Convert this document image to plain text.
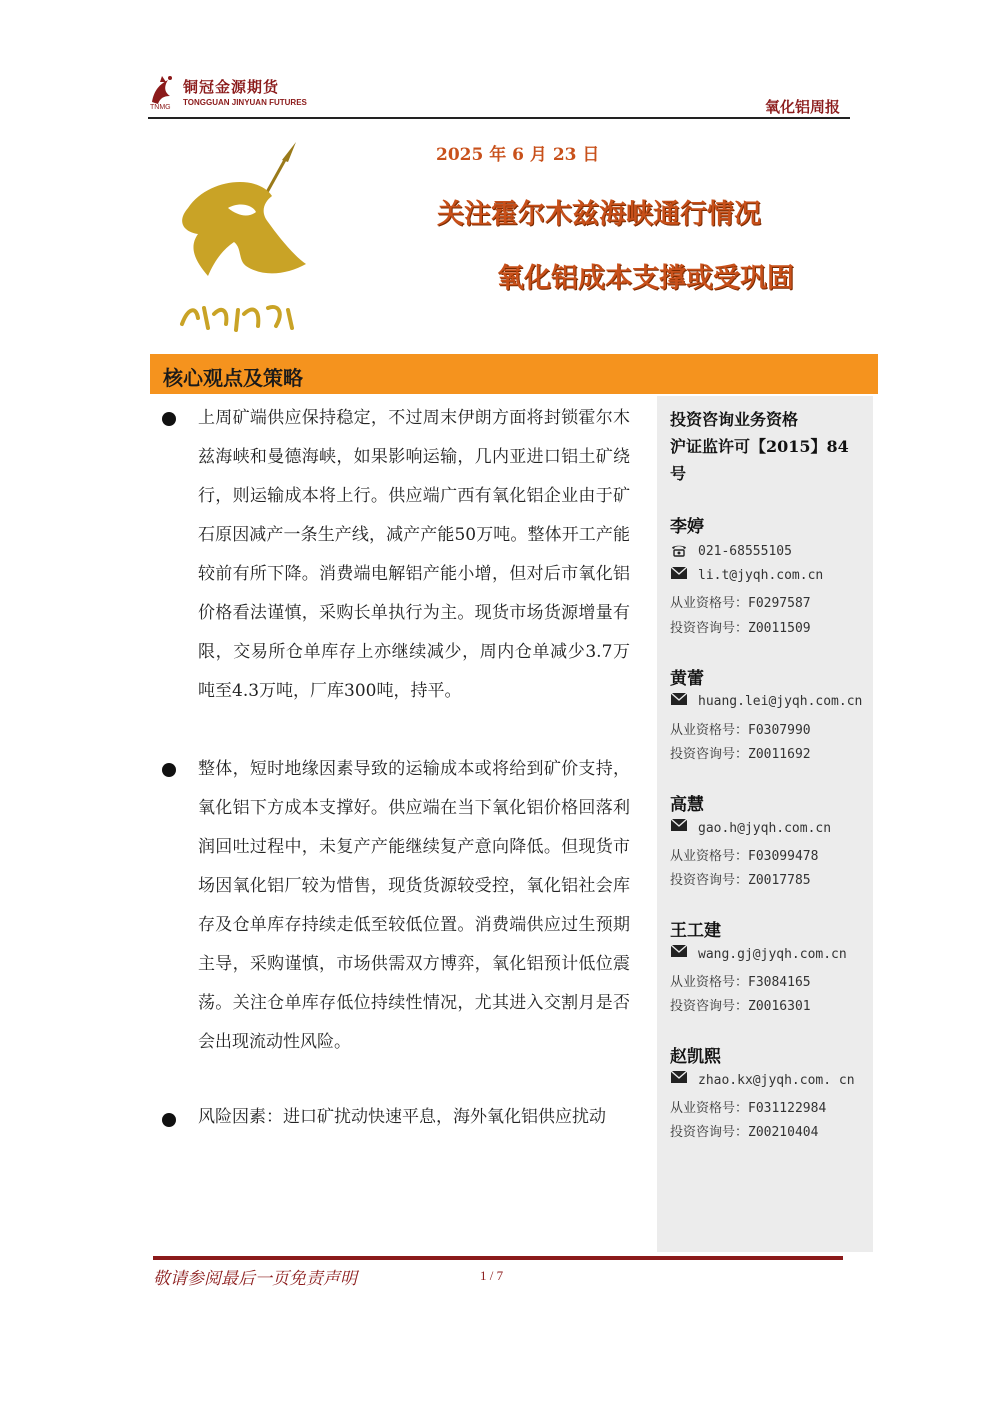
铜冠金源期货
TONGGUAN JINYUAN FUTURES
TNMG	氧化铝周报
2025 年 6 月 23 日
关注霍尔木兹海峡通行情况
氧化铝成本支撑或受巩固
核心观点及策略
上周矿端供应保持稳定，不过周末伊朗方面将封锁霍尔木兹海峡和曼德海峡，如果影响运输，几内亚进口铝土矿绕行，则运输成本将上行。供应端广西有氧化铝企业由于矿石原因减产一条生产线，减产产能50万吨。整体开工产能较前有所下降。消费端电解铝产能小增，但对后市氧化铝价格看法谨慎，采购长单执行为主。现货市场货源增量有限，交易所仓单库存上亦继续减少，周内仓单减少3.7万吨至4.3万吨，厂库300吨，持平。
整体，短时地缘因素导致的运输成本或将给到矿价支持，氧化铝下方成本支撑好。供应端在当下氧化铝价格回落利润回吐过程中，未复产产能继续复产意向降低。但现货市场因氧化铝厂较为惜售，现货货源较受控，氧化铝社会库存及仓单库存持续走低至较低位置。消费端供应过生预期主导，采购谨慎，市场供需双方博弈，氧化铝预计低位震荡。关注仓单库存低位持续性情况，尤其进入交割月是否会出现流动性风险。
风险因素：进口矿扰动快速平息，海外氧化铝供应扰动
投资咨询业务资格
沪证监许可【2015】84
号
李婷
021-68555105
li.t@jyqh.com.cn
从业资格号：F0297587
投资咨询号：Z0011509
黄蕾
huang.lei@jyqh.com.cn
从业资格号：F0307990
投资咨询号：Z0011692
高慧
gao.h@jyqh.com.cn
从业资格号：F03099478
投资咨询号：Z0017785
王工建
wang.gj@jyqh.com.cn
从业资格号：F3084165
投资咨询号：Z0016301
赵凯熙
zhao.kx@jyqh.com. cn
从业资格号：F031122984
投资咨询号：Z00210404
敬请参阅最后一页免责声明	1 / 7
